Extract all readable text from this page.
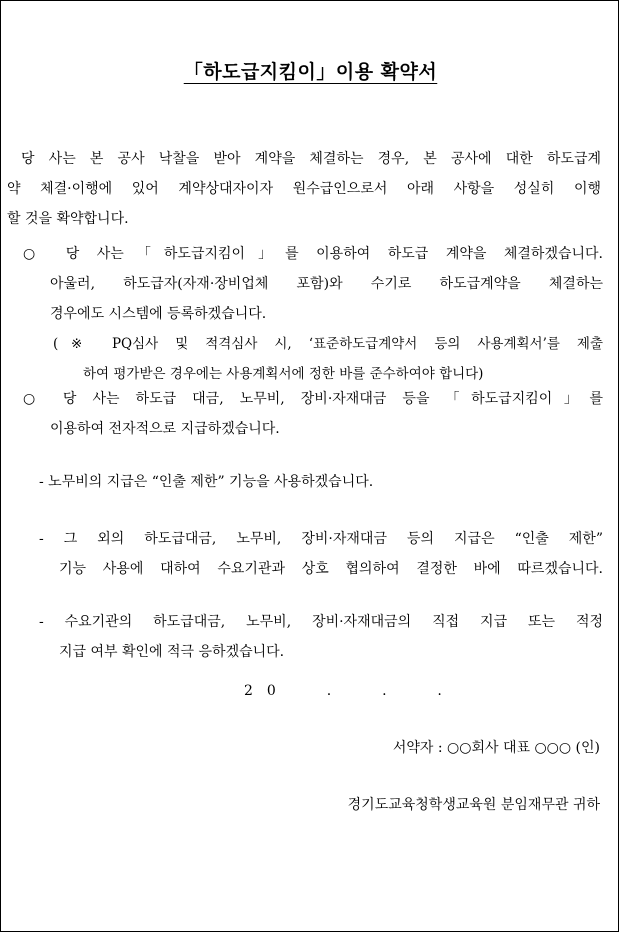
「하도급지킴이」이용 확약서
당 사는 본 공사 낙찰을 받아 계약을 체결하는 경우, 본 공사에 대한 하도급계
약 체결·이행에 있어 계약상대자이자 원수급인으로서 아래 사항을 성실히 이행
할 것을 확약합니다.
○ 당 사는「하도급지킴이」를 이용하여 하도급 계약을 체결하겠습니다.
아울러, 하도급자(자재·장비업체 포함)와 수기로 하도급계약을 체결하는
경우에도 시스템에 등록하겠습니다.
(※ PQ심사 및 적격심사 시, ‘표준하도급계약서 등의 사용계획서’를 제출
하여 평가받은 경우에는 사용계획서에 정한 바를 준수하여야 합니다)
○ 당 사는 하도급 대금, 노무비, 장비·자재대금 등을 「하도급지킴이」를
이용하여 전자적으로 지급하겠습니다.
- 노무비의 지급은 “인출 제한” 기능을 사용하겠습니다.
- 그 외의 하도급대금, 노무비, 장비·자재대금 등의 지급은 “인출 제한”
기능 사용에 대하여 수요기관과 상호 협의하여 결정한 바에 따르겠습니다.
- 수요기관의 하도급대금, 노무비, 장비·자재대금의 직접 지급 또는 적정
지급 여부 확인에 적극 응하겠습니다.
20  .  .  .
서약자 : ○○회사 대표 ○○○ (인)
경기도교육청학생교육원 분임재무관 귀하
